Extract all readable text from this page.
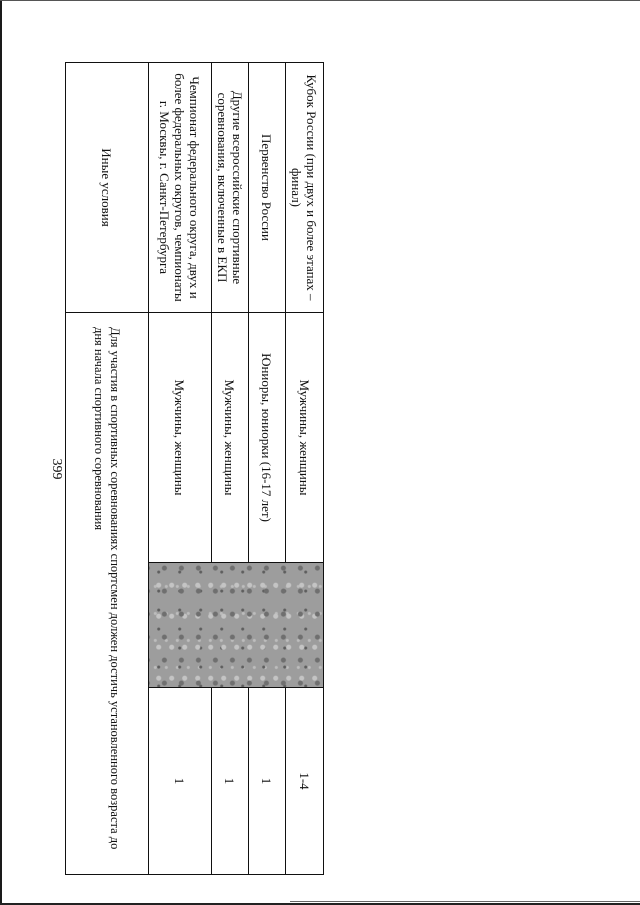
399
Кубок России (при двух и более этапах – финал)	Мужчины, женщины		1-4
Первенство России	Юниоры, юниорки (16-17 лет)		1
Другие всероссийские спортивные соревнования, включенные в ЕКП	Мужчины, женщины		1
Чемпионат федерального округа, двух и более федеральных округов, чемпионаты г. Москвы, г. Санкт-Петербурга	Мужчины, женщины		1
Иные условия	Для участия в спортивных соревнованиях спортсмен должен достичь установленного возраста до дня начала спортивного соревнования		
